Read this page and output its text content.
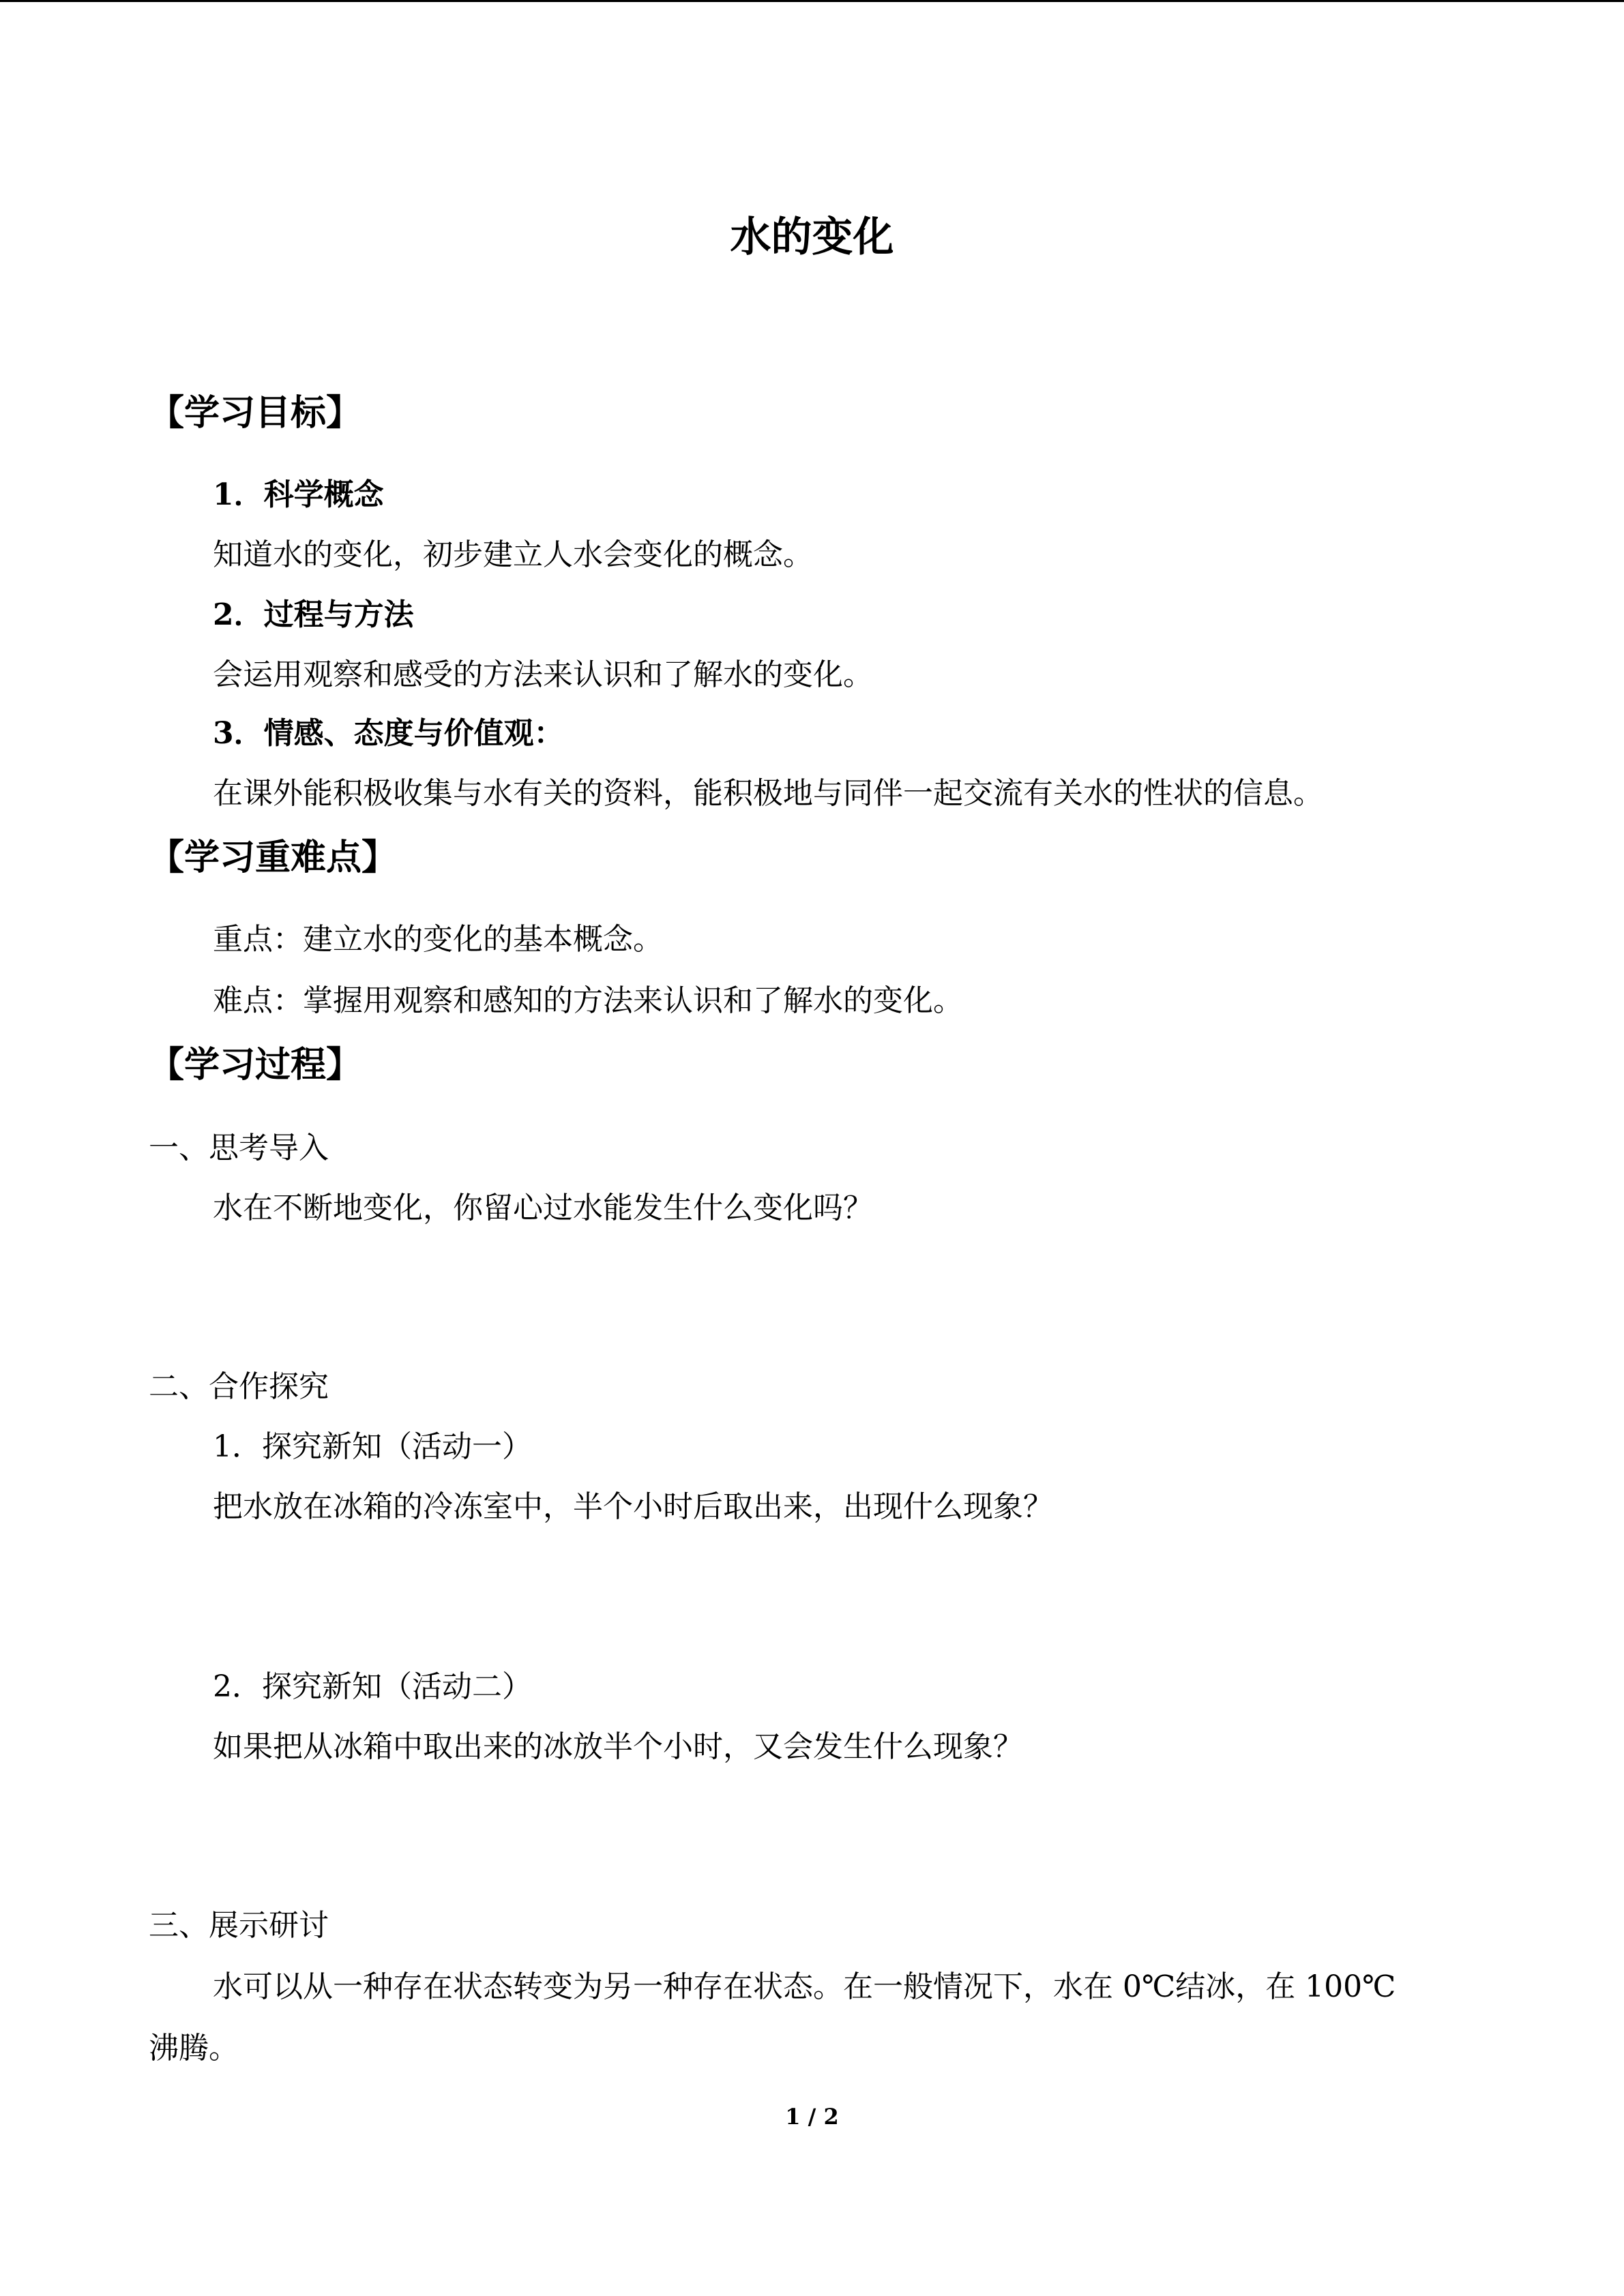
水的变化
【学习目标】
1．科学概念
知道水的变化，初步建立人水会变化的概念。
2．过程与方法
会运用观察和感受的方法来认识和了解水的变化。
3．情感、态度与价值观：
在课外能积极收集与水有关的资料，能积极地与同伴一起交流有关水的性状的信息。
【学习重难点】
重点：建立水的变化的基本概念。
难点：掌握用观察和感知的方法来认识和了解水的变化。
【学习过程】
一、思考导入
水在不断地变化，你留心过水能发生什么变化吗？
二、合作探究
1．探究新知（活动一）
把水放在冰箱的冷冻室中，半个小时后取出来，出现什么现象？
2．探究新知（活动二）
如果把从冰箱中取出来的冰放半个小时，又会发生什么现象？
三、展示研讨
水可以从一种存在状态转变为另一种存在状态。在一般情况下，水在 0℃结冰，在 100℃
沸腾。
1 / 2
